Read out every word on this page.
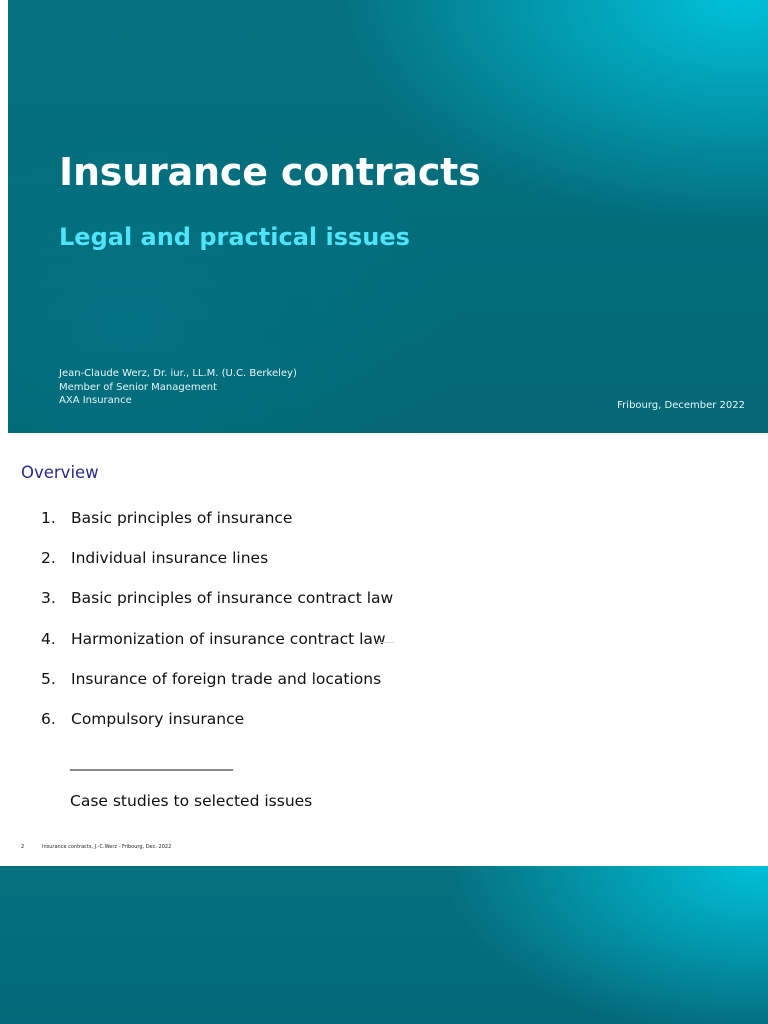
Insurance contracts
Legal and practical issues
Jean-Claude Werz, Dr. iur., LL.M. (U.C. Berkeley)
Member of Senior Management
AXA Insurance	Fribourg, December 2022
Overview
1. Basic principles of insurance
2. Individual insurance lines
3. Basic principles of insurance contract law
4. Harmonization of insurance contract law
5. Insurance of foreign trade and locations
6. Compulsory insurance
___________________________
Case studies to selected issues
2	Insurance contracts, J.-C.Werz - Fribourg, Dec. 2022
